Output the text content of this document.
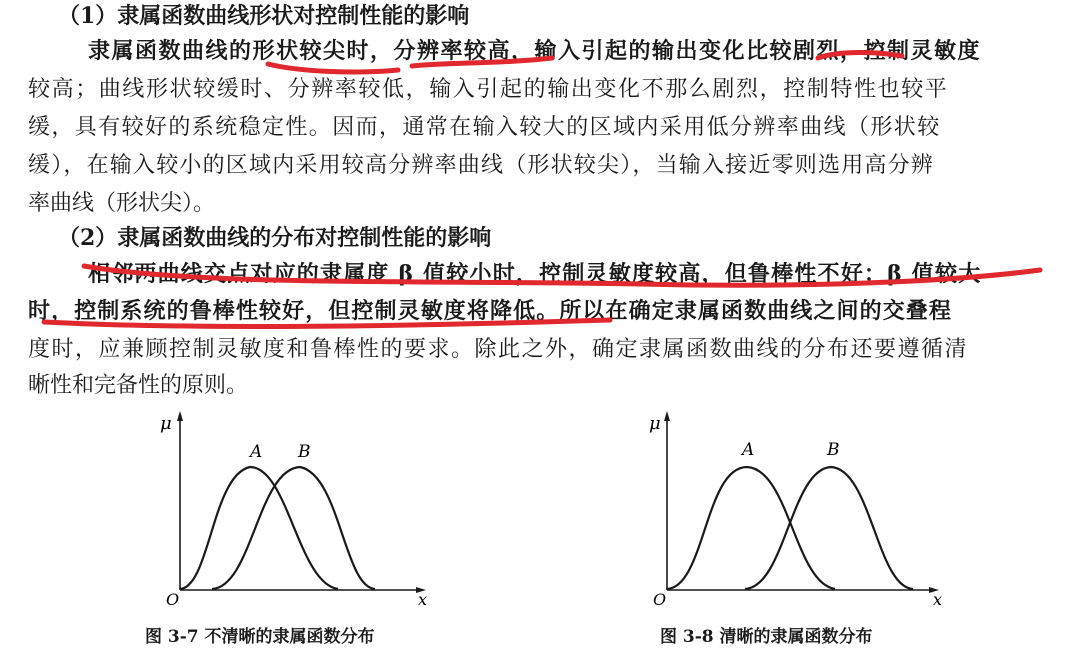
（1）隶属函数曲线形状对控制性能的影响
隶属函数曲线的形状较尖时，分辨率较高，输入引起的输出变化比较剧烈，控制灵敏度
较高；曲线形状较缓时、分辨率较低，输入引起的输出变化不那么剧烈，控制特性也较平
缓，具有较好的系统稳定性。因而，通常在输入较大的区域内采用低分辨率曲线（形状较
缓），在输入较小的区域内采用较高分辨率曲线（形状较尖），当输入接近零则选用高分辨
率曲线（形状尖）。
（2）隶属函数曲线的分布对控制性能的影响
相邻两曲线交点对应的隶属度 β 值较小时，控制灵敏度较高，但鲁棒性不好；β 值较大
时，控制系统的鲁棒性较好，但控制灵敏度将降低。所以在确定隶属函数曲线之间的交叠程
度时，应兼顾控制灵敏度和鲁棒性的要求。除此之外，确定隶属函数曲线的分布还要遵循清
晰性和完备性的原则。
μ
x
O
A B
μ
x
O
A	B
图 3-7 不清晰的隶属函数分布	图 3-8 清晰的隶属函数分布
